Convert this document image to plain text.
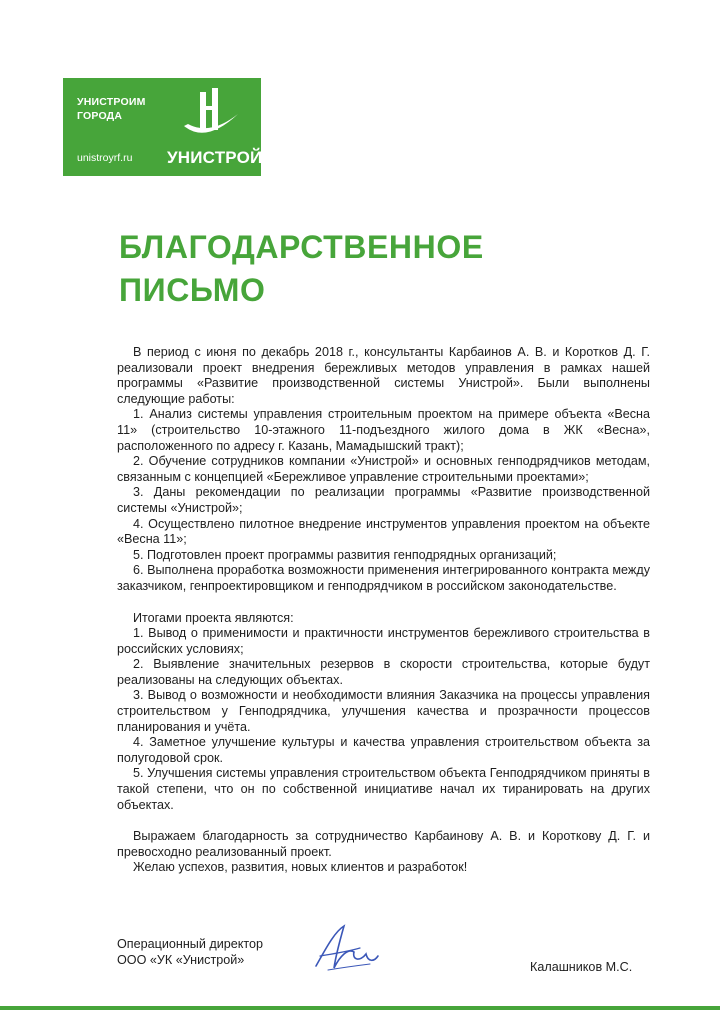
УНИСТРОИМ
ГОРОДА
unistroyrf.ru УНИСТРОЙ
БЛАГОДАРСТВЕННОЕ
ПИСЬМО

В период с июня по декабрь 2018 г., консультанты Карбаинов А. В. и Коротков Д. Г. реализовали проект внедрения бережливых методов управления в рамках нашей программы «Развитие производственной системы Унистрой». Были выполнены следующие работы:

1. Анализ системы управления строительным проектом на примере объекта «Весна 11» (строительство 10-этажного 11-подъездного жилого дома в ЖК «Весна», расположенного по адресу г. Казань, Мамадышский тракт);

2. Обучение сотрудников компании «Унистрой» и основных генподрядчиков методам, связанным с концепцией «Бережливое управление строительными проектами»;

3. Даны рекомендации по реализации программы «Развитие производственной системы «Унистрой»;

4. Осуществлено пилотное внедрение инструментов управления проектом на объекте «Весна 11»;

5. Подготовлен проект программы развития генподрядных организаций;

6. Выполнена проработка возможности применения интегрированного контракта между заказчиком, генпроектировщиком и генподрядчиком в российском законодательстве.

Итогами проекта являются:

1. Вывод о применимости и практичности инструментов бережливого строительства в российских условиях;

2. Выявление значительных резервов в скорости строительства, которые будут реализованы на следующих объектах.

3. Вывод о возможности и необходимости влияния Заказчика на процессы управления строительством у Генподрядчика, улучшения качества и прозрачности процессов планирования и учёта.

4. Заметное улучшение культуры и качества управления строительством объекта за полугодовой срок.

5. Улучшения системы управления строительством объекта Генподрядчиком приняты в такой степени, что он по собственной инициативе начал их тиранировать на других объектах.

Выражаем благодарность за сотрудничество Карбаинову А. В. и Короткову Д. Г. и превосходно реализованный проект.

Желаю успехов, развития, новых клиентов и разработок!

Операционный директор
ООО «УК «Унистрой»	Калашников М.С.
